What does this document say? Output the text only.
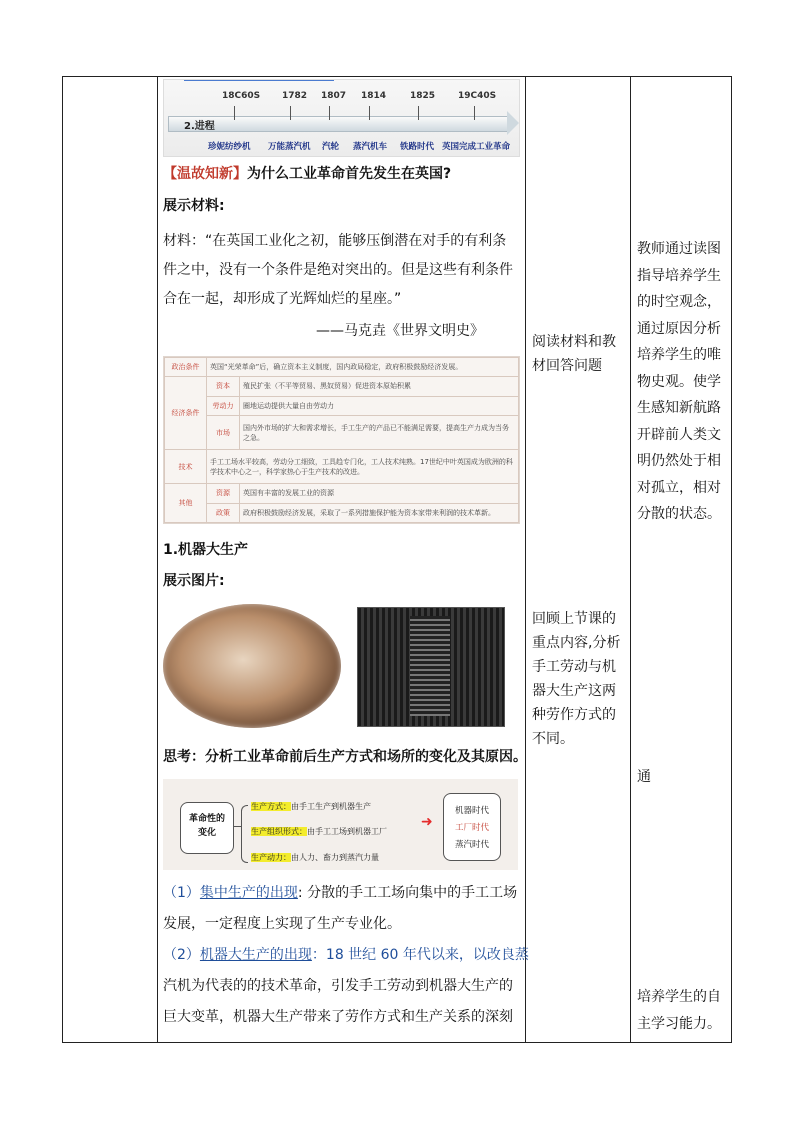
2.进程
18C60S 1782 1807 1814	1825	19C40S
珍妮纺纱机 万能蒸汽机 汽轮 蒸汽机车 铁路时代 英国完成工业革命
【温故知新】为什么工业革命首先发生在英国?
展示材料:
材料：“在英国工业化之初，能够压倒潜在对手的有利条
件之中，没有一个条件是绝对突出的。但是这些有利条件
合在一起，却形成了光辉灿烂的星座。”
——马克垚《世界文明史》
政治条件	英国“光荣革命”后，确立资本主义制度，国内政局稳定，政府积极鼓励经济发展。	
经济条件	资本	殖民扩张（不平等贸易、黑奴贸易）促进资本原始积累
	劳动力	圈地运动提供大量自由劳动力
	市场	国内外市场的扩大和需求增长，手工生产的产品已不能满足需要，提高生产力成为当务之急。
技术	手工工场水平较高，劳动分工细致，工具趋专门化，工人技术纯熟。17世纪中叶英国成为欧洲的科学技术中心之一，科学家热心于生产技术的改进。	
其他	资源	英国有丰富的发展工业的资源
	政策	政府积极鼓励经济发展，采取了一系列措施保护能为资本家带来利润的技术革新。
1.机器大生产
展示图片:
思考：分析工业革命前后生产方式和场所的变化及其原因。
革命性的变化
生产方式：由手工生产到机器生产
生产组织形式：由手工工场到机器工厂
生产动力：由人力、畜力到蒸汽力量
➜
机器时代
工厂时代
蒸汽时代
（1）集中生产的出现: 分散的手工工场向集中的手工工场
发展，一定程度上实现了生产专业化。
（2）机器大生产的出现：18 世纪 60 年代以来，以改良蒸
汽机为代表的的技术革命，引发手工劳动到机器大生产的
巨大变革，机器大生产带来了劳作方式和生产关系的深刻
阅读材料和教
材回答问题
回顾上节课的
重点内容,分析
手工劳动与机
器大生产这两
种劳作方式的
不同。
教师通过读图
指导培养学生
的时空观念，
通过原因分析
培养学生的唯
物史观。使学
生感知新航路
开辟前人类文
明仍然处于相
对孤立，相对
分散的状态。
通
培养学生的自
主学习能力。
